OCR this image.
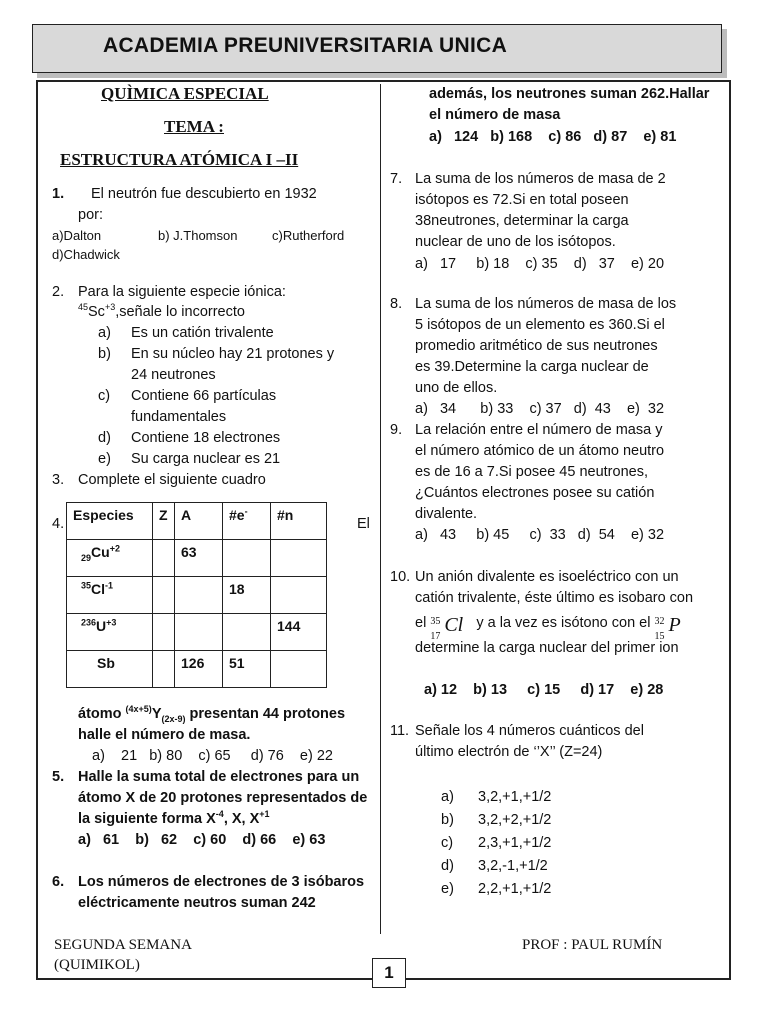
ACADEMIA PREUNIVERSITARIA UNICA
QUÌMICA ESPECIAL
TEMA :
ESTRUCTURA ATÓMICA I –II
1. El neutrón fue descubierto en 1932
por:
a)Dalton	b) J.Thomson	c)Rutherford
d)Chadwick
2. Para la siguiente especie iónica:
$^{45}Sc^{+3},señale$ lo incorrecto
a) Es un catión trivalente
b) En su núcleo hay 21 protones y
24 neutrones
c) Contiene 66 partículas
fundamentales
d) Contiene 18 electrones
e) Su carga nuclear es 21
3. Complete el siguiente cuadro
4.	El
Especies	Z	A	#e-	#n
$_{29}Cu^{+2}$		63		
$^{35}Cl^{-1}$			18	
$^{236}U^{+3}$				144
Sb		126	51	
átomo $^{(4x+5)}Y_{(2x-9)}$ presentan 44 protones
halle el número de masa.
a)    21   b) 80    c) 65     d) 76    e) 22
5. Halle la suma total de electrones para un
átomo X de 20 protones representados de
la siguiente forma $X^{-4}$, X, $X^{+1}$
a)   61    b)   62    c) 60    d) 66    e) 63
6. Los números de electrones de 3 isóbaros
eléctricamente neutros suman 242
además, los neutrones suman 262.Hallar
el número de masa
a)   124   b) 168    c) 86   d) 87    e) 81
7. La suma de los números de masa de 2
isótopos es 72.Si en total poseen
38neutrones, determinar la carga
nuclear de uno de los isótopos.
a)   17     b) 18    c) 35    d)   37    e) 20
8. La suma de los números de masa de los
5 isótopos de un elemento es 360.Si el
promedio aritmético de sus neutrones
es 39.Determine la carga nuclear de
uno de ellos.
a)   34      b) 33    c) 37   d)  43    e)  32
9. La relación entre el número de masa y
el número atómico de un átomo neutro
es de 16 a 7.Si posee 45 neutrones,
¿Cuántos electrones posee su catión
divalente.
a)   43     b) 45     c)  33   d)  54    e) 32
10. Un anión divalente es isoeléctrico con un
catión trivalente, éste último es isobaro con
el 35
17
Cl y a la vez es isótono con el 32
15
P
determine la carga nuclear del primer ion
a) 12    b) 13     c) 15     d) 17    e) 28
11. Señale los 4 números cuánticos del
último electrón de ‘’X’’ (Z=24)
a) 3,2,+1,+1/2
b) 3,2,+2,+1/2
c) 2,3,+1,+1/2
d) 3,2,-1,+1/2
e) 2,2,+1,+1/2
SEGUNDA SEMANA
(QUIMIKOL)
PROF : PAUL RUMÍN
1
